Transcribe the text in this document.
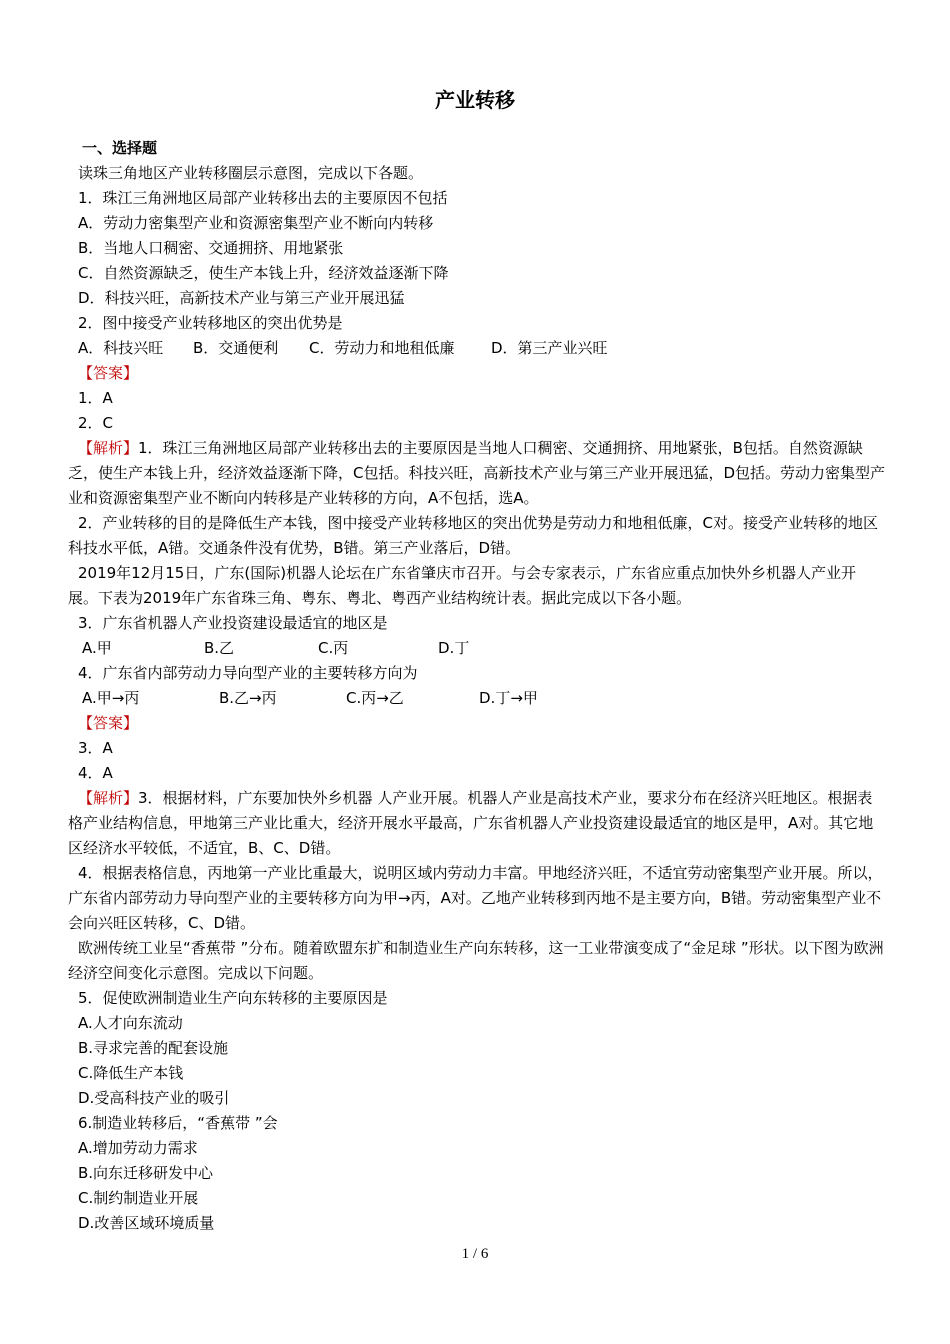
产业转移
一、选择题
读珠三角地区产业转移圈层示意图，完成以下各题。
1．珠江三角洲地区局部产业转移出去的主要原因不包括
A．劳动力密集型产业和资源密集型产业不断向内转移
B．当地人口稠密、交通拥挤、用地紧张
C．自然资源缺乏，使生产本钱上升，经济效益逐渐下降
D．科技兴旺，高新技术产业与第三产业开展迅猛
2．图中接受产业转移地区的突出优势是
A．科技兴旺 B．交通便利 C．劳动力和地租低廉 D．第三产业兴旺
【答案】
1．A
2．C
【解析】1．珠江三角洲地区局部产业转移出去的主要原因是当地人口稠密、交通拥挤、用地紧张，B包括。自然资源缺乏，使生产本钱上升，经济效益逐渐下降，C包括。科技兴旺，高新技术产业与第三产业开展迅猛，D包括。劳动力密集型产业和资源密集型产业不断向内转移是产业转移的方向，A不包括，选A。
2．产业转移的目的是降低生产本钱，图中接受产业转移地区的突出优势是劳动力和地租低廉，C对。接受产业转移的地区科技水平低，A错。交通条件没有优势，B错。第三产业落后，D错。
2019年12月15日，广东(国际)机器人论坛在广东省肇庆市召开。与会专家表示，广东省应重点加快外乡机器人产业开展。下表为2019年广东省珠三角、粤东、粤北、粤西产业结构统计表。据此完成以下各小题。
3．广东省机器人产业投资建设最适宜的地区是
A.甲	B.乙	C.丙	D.丁
4．广东省内部劳动力导向型产业的主要转移方向为
A.甲→丙	B.乙→丙	C.丙→乙	D.丁→甲
【答案】
3．A
4．A
【解析】3．根据材料，广东要加快外乡机器 人产业开展。机器人产业是高技术产业，要求分布在经济兴旺地区。根据表格产业结构信息，甲地第三产业比重大，经济开展水平最高，广东省机器人产业投资建设最适宜的地区是甲，A对。其它地区经济水平较低，不适宜，B、C、D错。
4．根据表格信息，丙地第一产业比重最大，说明区域内劳动力丰富。甲地经济兴旺，不适宜劳动密集型产业开展。所以，广东省内部劳动力导向型产业的主要转移方向为甲→丙，A对。乙地产业转移到丙地不是主要方向，B错。劳动密集型产业不会向兴旺区转移，C、D错。
欧洲传统工业呈“香蕉带 ”分布。随着欧盟东扩和制造业生产向东转移，这一工业带演变成了“金足球 ”形状。以下图为欧洲经济空间变化示意图。完成以下问题。
5．促使欧洲制造业生产向东转移的主要原因是
A.人才向东流动
B.寻求完善的配套设施
C.降低生产本钱
D.受高科技产业的吸引
6.制造业转移后，“香蕉带 ”会
A.增加劳动力需求
B.向东迁移研发中心
C.制约制造业开展
D.改善区域环境质量
1 / 6
